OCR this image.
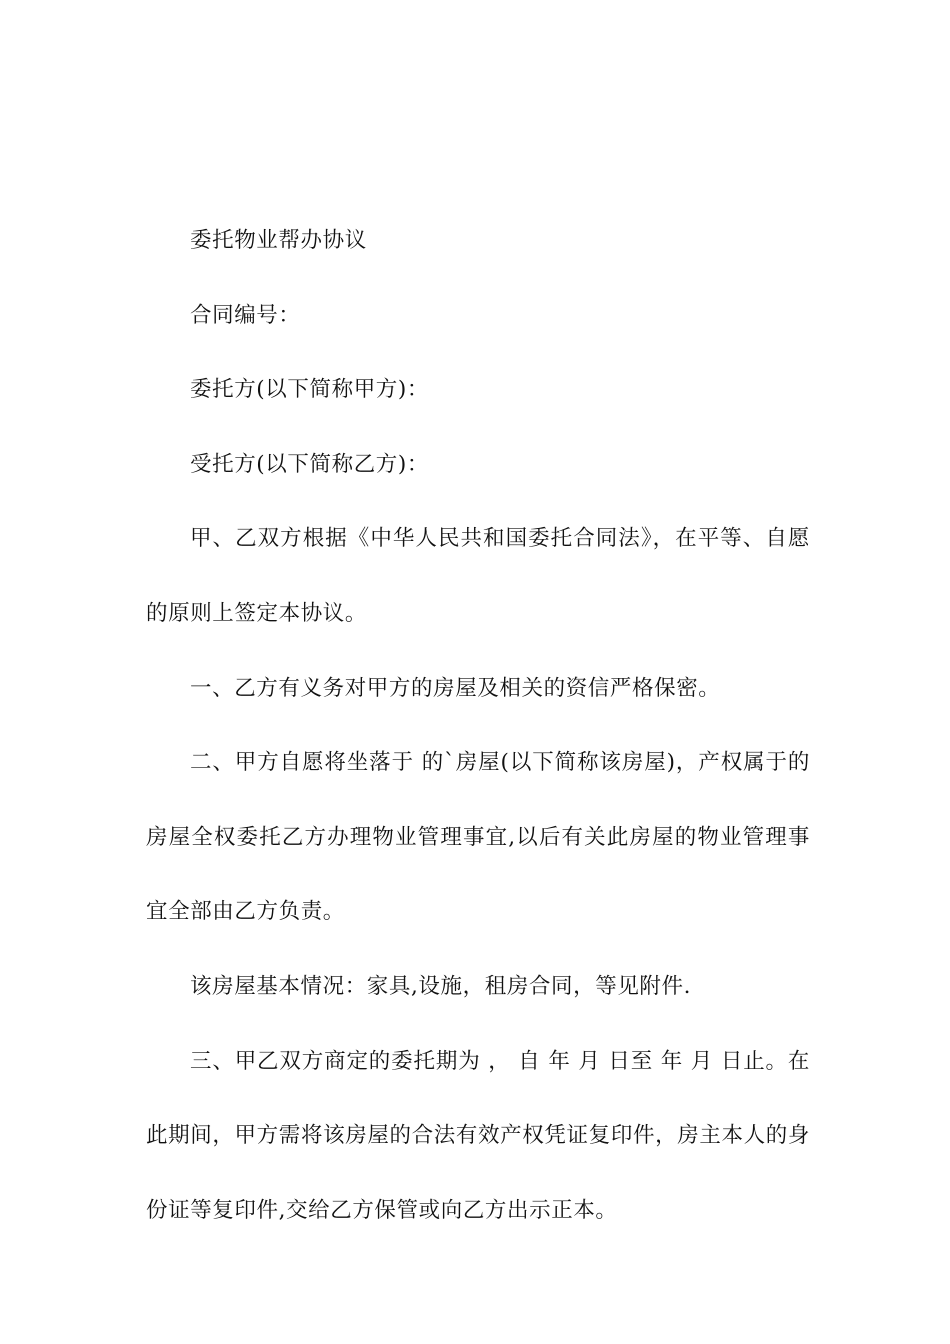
委托物业帮办协议

合同编号：

委托方(以下简称甲方)：

受托方(以下简称乙方)：

甲、乙双方根据《中华人民共和国委托合同法》，在平等、自愿的原则上签定本协议。

一、乙方有义务对甲方的房屋及相关的资信严格保密。

二、甲方自愿将坐落于 的`房屋(以下简称该房屋)，产权属于的房屋全权委托乙方办理物业管理事宜,以后有关此房屋的物业管理事宜全部由乙方负责。

该房屋基本情况：家具,设施，租房合同，等见附件.

三、甲乙双方商定的委托期为 ， 自 年 月 日至 年 月 日止。在此期间，甲方需将该房屋的合法有效产权凭证复印件，房主本人的身份证等复印件,交给乙方保管或向乙方出示正本。
